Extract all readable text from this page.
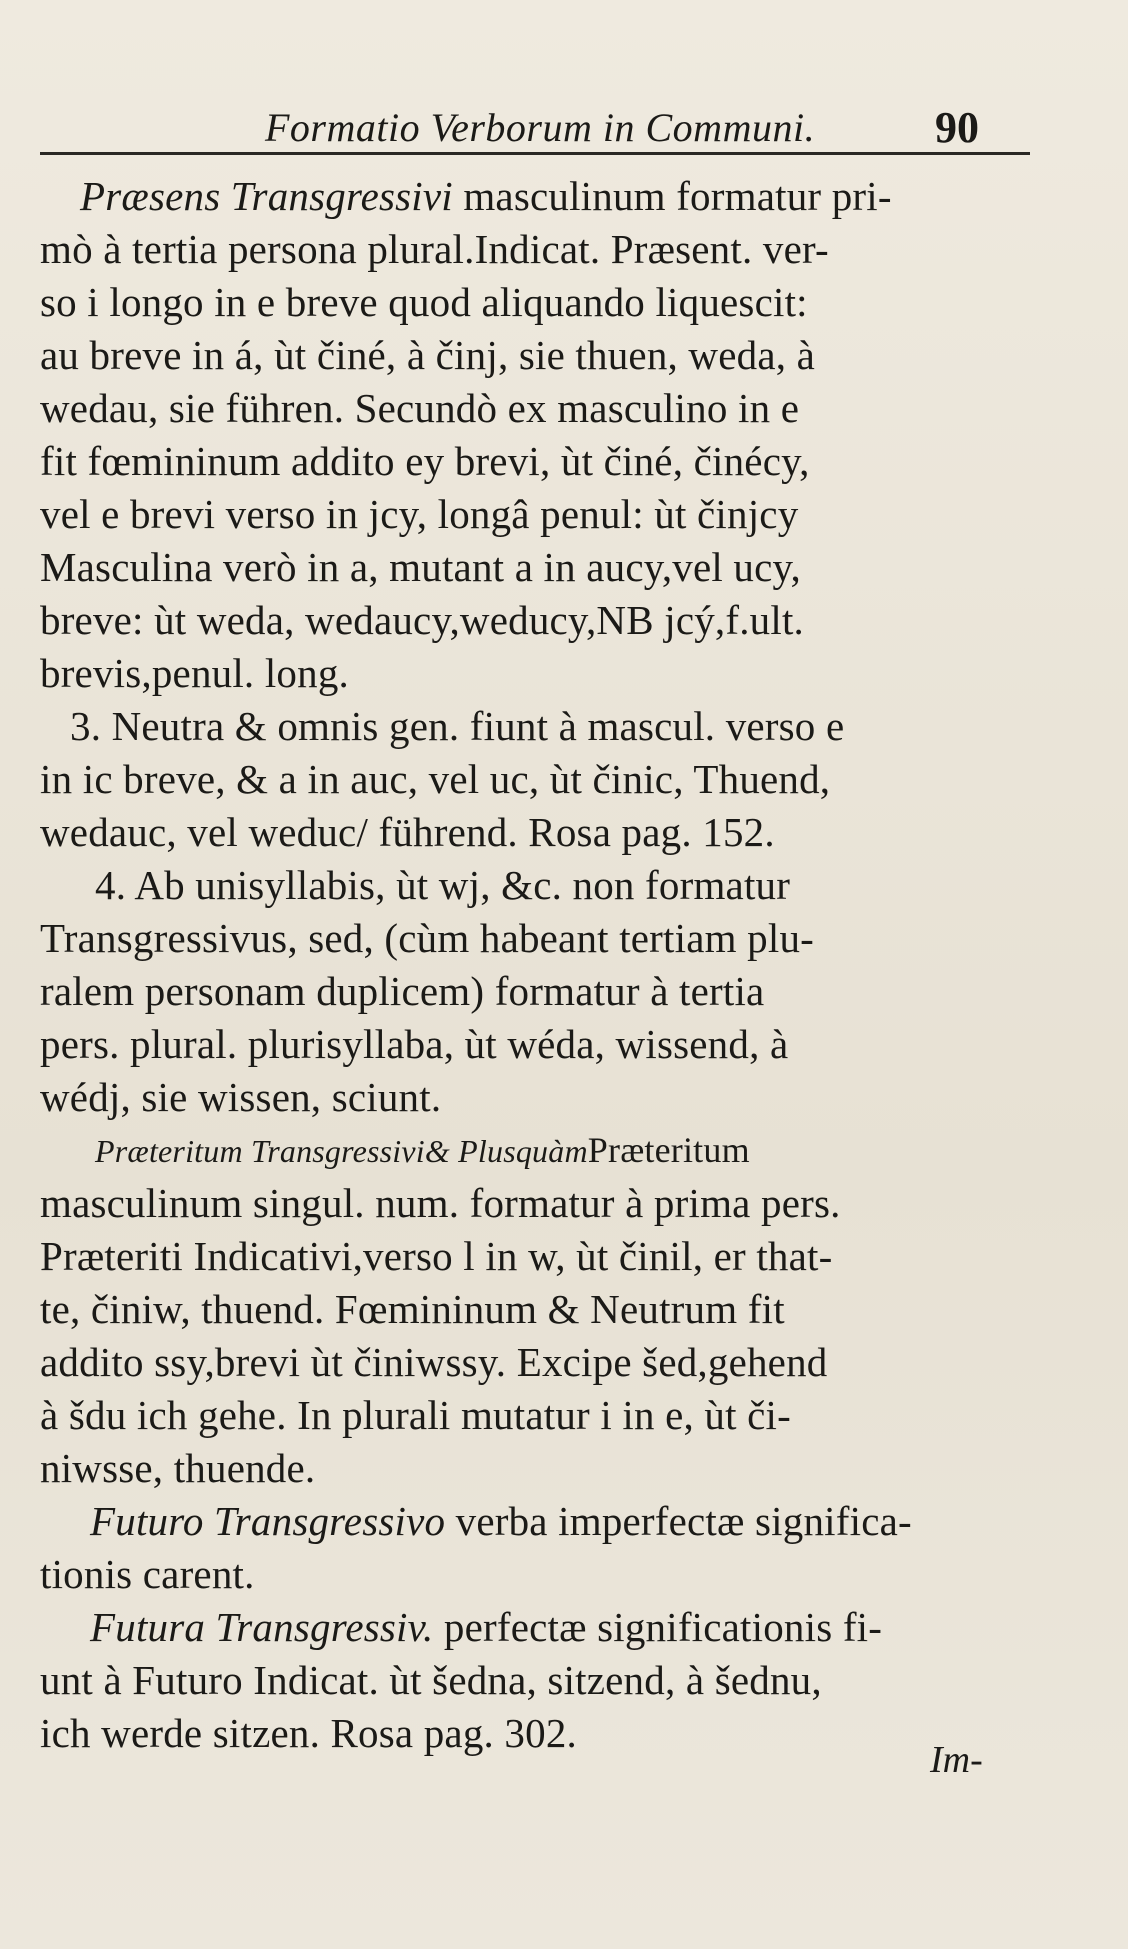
Formatio Verborum in Communi.	90
Præsens Transgressivi masculinum formatur pri-
mò à tertia persona plural.Indicat. Præsent. ver-
so i longo in e breve quod aliquando liquescit:
au breve in á, ùt činé, à činj, sie thuen, weda, à
wedau, sie führen. Secundò ex masculino in e
fit fœmininum addito ey brevi, ùt činé, činécy,
vel e brevi verso in jcy, longâ penul: ùt činjcy
Masculina verò in a, mutant a in aucy,vel ucy,
breve: ùt weda, wedaucy,weducy,NB jcý,f.ult.
brevis,penul. long.
3. Neutra & omnis gen. fiunt à mascul. verso e
in ic breve, & a in auc, vel uc, ùt činic, Thuend,
wedauc, vel weduc/ führend. Rosa pag. 152.
4. Ab unisyllabis, ùt wj, &c. non formatur
Transgressivus, sed, (cùm habeant tertiam plu-
ralem personam duplicem) formatur à tertia
pers. plural. plurisyllaba, ùt wéda, wissend, à
wédj, sie wissen, sciunt.
Præteritum Transgressivi& PlusquàmPræteritum
masculinum singul. num. formatur à prima pers.
Præteriti Indicativi,verso l in w, ùt činil, er that-
te, činiw, thuend. Fœmininum & Neutrum fit
addito ssy,brevi ùt činiwssy. Excipe šed,gehend
à šdu ich gehe. In plurali mutatur i in e, ùt či-
niwsse, thuende.
Futuro Transgressivo verba imperfectæ significa-
tionis carent.
Futura Transgressiv. perfectæ significationis fi-
unt à Futuro Indicat. ùt šedna, sitzend, à šednu,
ich werde sitzen. Rosa pag. 302.
Im-
